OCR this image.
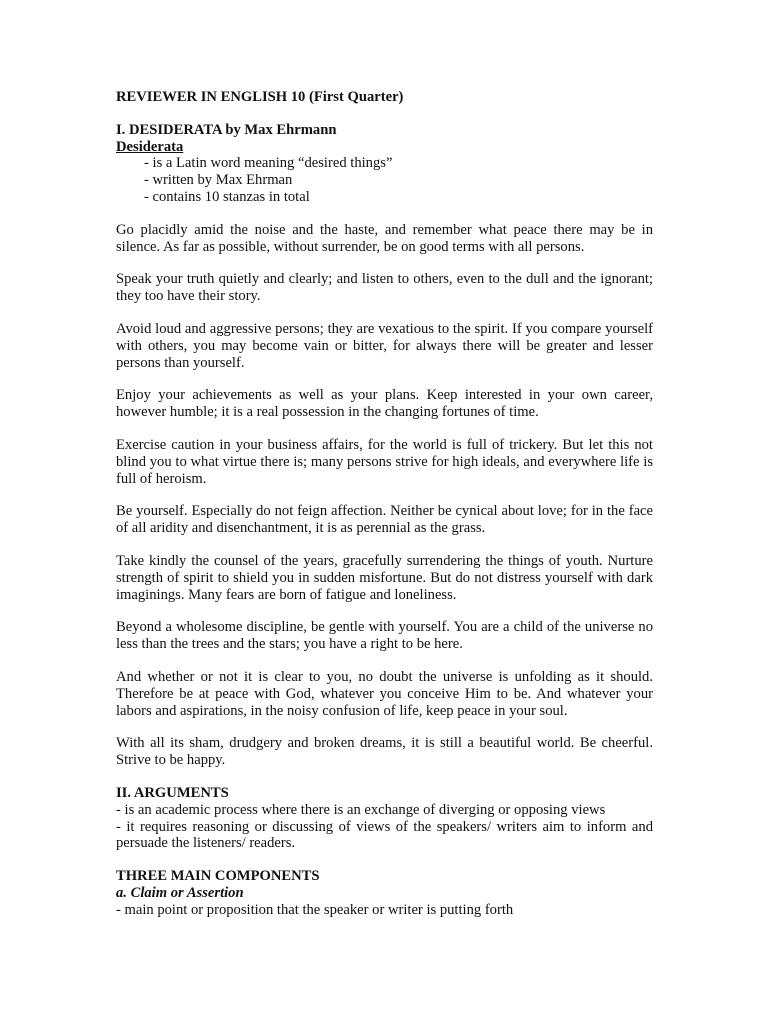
REVIEWER IN ENGLISH 10 (First Quarter)

I. DESIDERATA by Max Ehrmann

Desiderata

- is a Latin word meaning “desired things”

- written by Max Ehrman

- contains 10 stanzas in total

Go placidly amid the noise and the haste, and remember what peace there may be in silence. As far as possible, without surrender, be on good terms with all persons.

Speak your truth quietly and clearly; and listen to others, even to the dull and the ignorant; they too have their story.

Avoid loud and aggressive persons; they are vexatious to the spirit. If you compare yourself with others, you may become vain or bitter, for always there will be greater and lesser persons than yourself.

Enjoy your achievements as well as your plans. Keep interested in your own career, however humble; it is a real possession in the changing fortunes of time.

Exercise caution in your business affairs, for the world is full of trickery. But let this not blind you to what virtue there is; many persons strive for high ideals, and everywhere life is full of heroism.

Be yourself. Especially do not feign affection. Neither be cynical about love; for in the face of all aridity and disenchantment, it is as perennial as the grass.

Take kindly the counsel of the years, gracefully surrendering the things of youth. Nurture strength of spirit to shield you in sudden misfortune. But do not distress yourself with dark imaginings. Many fears are born of fatigue and loneliness.

Beyond a wholesome discipline, be gentle with yourself. You are a child of the universe no less than the trees and the stars; you have a right to be here.

And whether or not it is clear to you, no doubt the universe is unfolding as it should. Therefore be at peace with God, whatever you conceive Him to be. And whatever your labors and aspirations, in the noisy confusion of life, keep peace in your soul.

With all its sham, drudgery and broken dreams, it is still a beautiful world. Be cheerful. Strive to be happy.

II. ARGUMENTS

- is an academic process where there is an exchange of diverging or opposing views

- it requires reasoning or discussing of views of the speakers/ writers aim to inform and persuade the listeners/ readers.

THREE MAIN COMPONENTS

a. Claim or Assertion

- main point or proposition that the speaker or writer is putting forth
